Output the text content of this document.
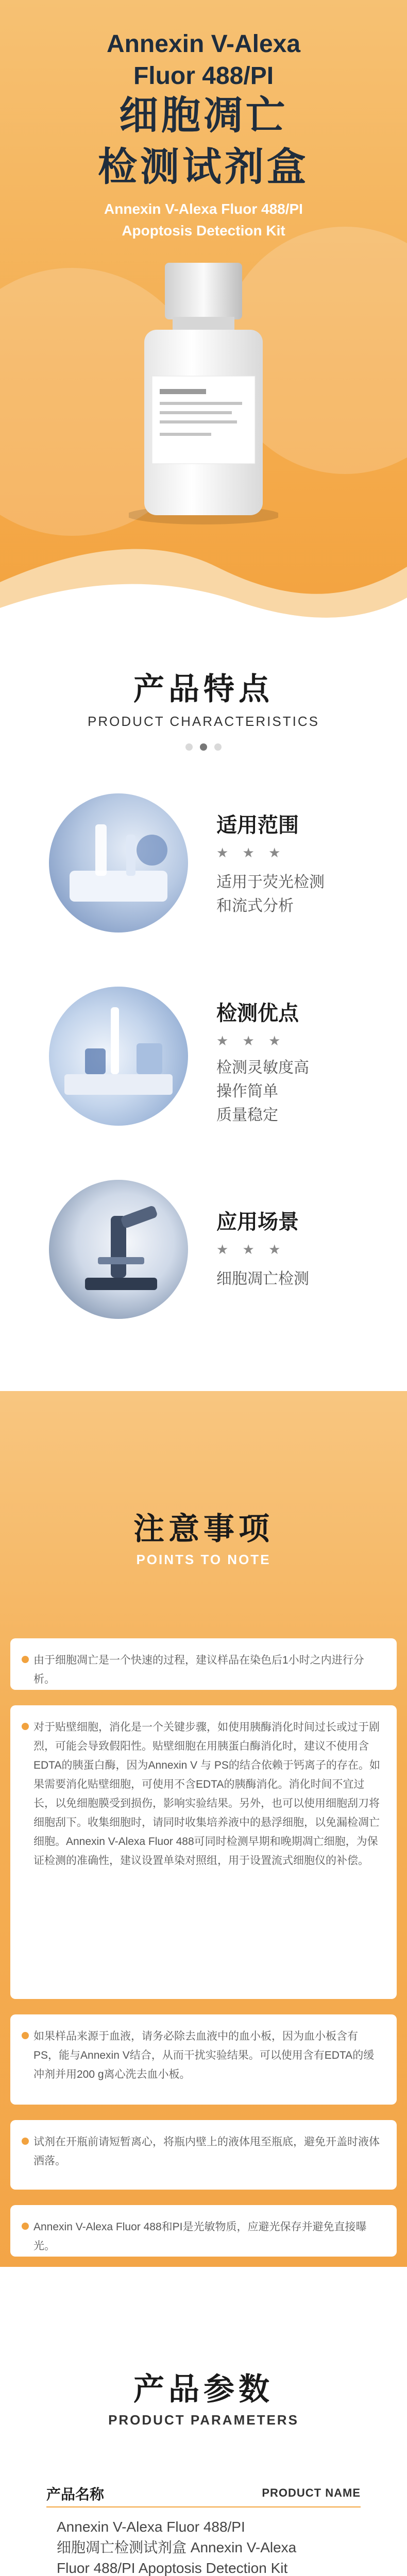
Annexin V-Alexa
Fluor 488/PI
细胞凋亡
检测试剂盒
Annexin V-Alexa Fluor 488/PI
Apoptosis Detection Kit
产品特点
PRODUCT CHARACTERISTICS
适用范围
★ ★ ★
适用于荧光检测
和流式分析
检测优点
★ ★ ★
检测灵敏度高
操作简单
质量稳定
应用场景
★ ★ ★
细胞凋亡检测
注意事项
POINTS TO NOTE
由于细胞凋亡是一个快速的过程，建议样品在染色后1小时之内进行分析。
对于贴壁细胞，消化是一个关键步骤，如使用胰酶消化时间过长或过于剧烈，可能会导致假阳性。贴壁细胞在用胰蛋白酶消化时，建议不使用含EDTA的胰蛋白酶，因为Annexin V 与 PS的结合依赖于钙离子的存在。如果需要消化贴壁细胞，可使用不含EDTA的胰酶消化。消化时间不宜过长，以免细胞膜受到损伤，影响实验结果。另外，也可以使用细胞刮刀将细胞刮下。收集细胞时，请同时收集培养液中的悬浮细胞，以免漏检凋亡细胞。Annexin V-Alexa Fluor 488可同时检测早期和晚期凋亡细胞，为保证检测的准确性，建议设置单染对照组，用于设置流式细胞仪的补偿。
如果样品来源于血液，请务必除去血液中的血小板，因为血小板含有PS，能与Annexin V结合，从而干扰实验结果。可以使用含有EDTA的缓冲剂并用200 g离心洗去血小板。
试剂在开瓶前请短暂离心，将瓶内壁上的液体甩至瓶底，避免开盖时液体洒落。
Annexin V-Alexa Fluor 488和PI是光敏物质，应避光保存并避免直接曝光。
产品参数
PRODUCT PARAMETERS
产品名称	PRODUCT NAME
Annexin V-Alexa Fluor 488/PI
细胞凋亡检测试剂盒 Annexin V-Alexa
Fluor 488/PI Apoptosis Detection Kit
